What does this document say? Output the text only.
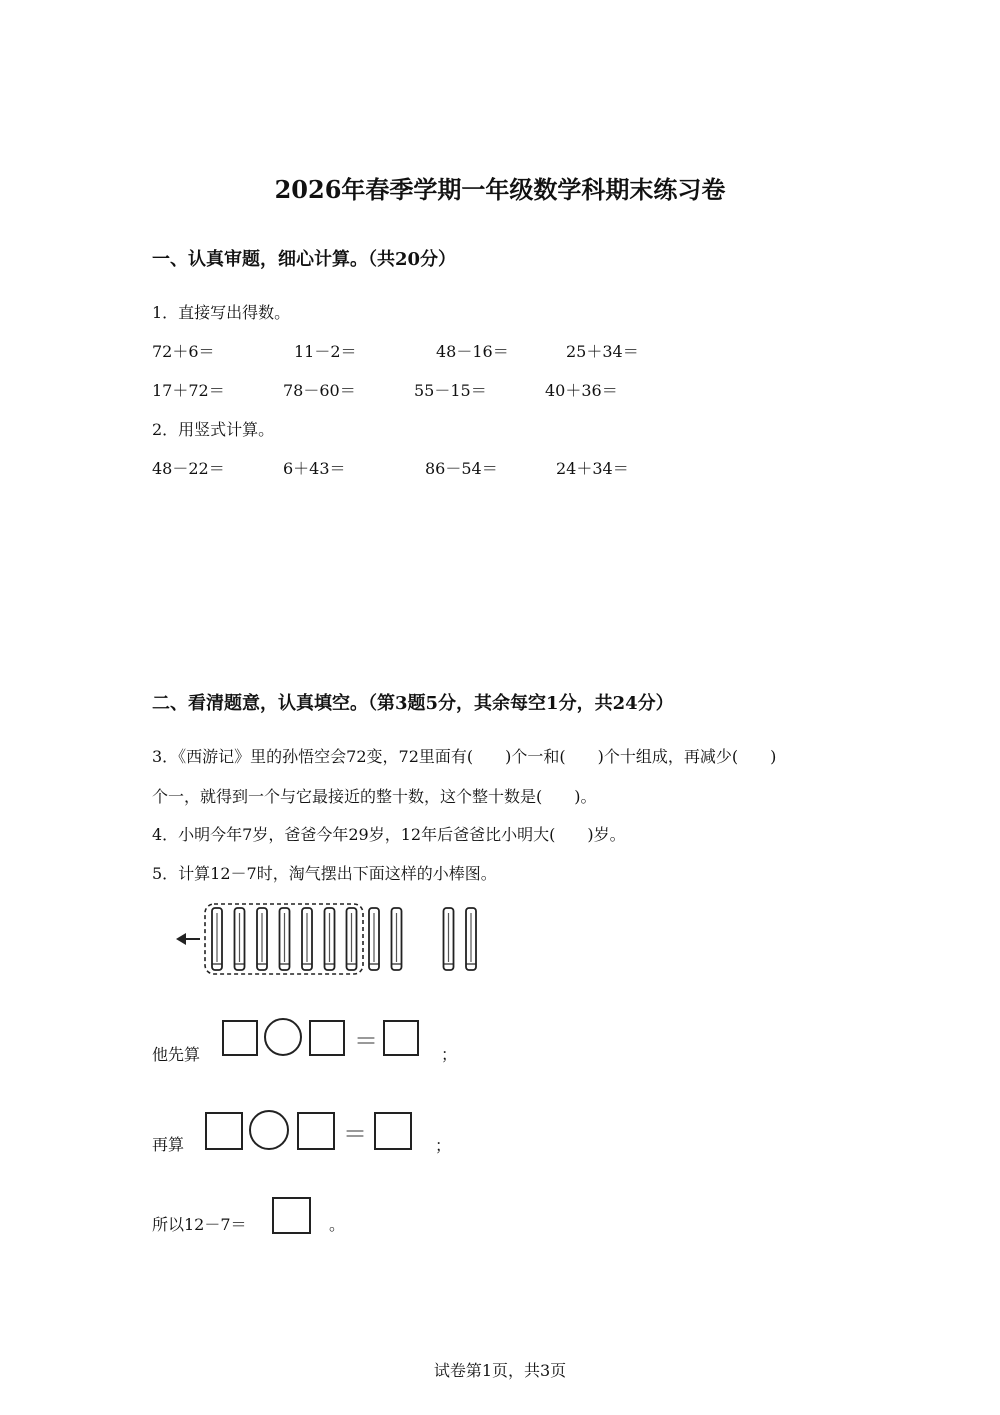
2026年春季学期一年级数学科期末练习卷
一、认真审题，细心计算。（共20分）
1．直接写出得数。
72＋6＝	11－2＝	48－16＝	25＋34＝
17＋72＝	78－60＝	55－15＝	40＋36＝
2．用竖式计算。
48－22＝	6＋43＝	86－54＝	24＋34＝
二、看清题意，认真填空。（第3题5分，其余每空1分，共24分）
3．《西游记》里的孙悟空会72变，72里面有(　　)个一和(　　)个十组成，再减少(　　)
个一，就得到一个与它最接近的整十数，这个整十数是(　　)。
4．小明今年7岁，爸爸今年29岁，12年后爸爸比小明大(　　)岁。
5．计算12－7时，淘气摆出下面这样的小棒图。
他先算	＝	；
再算	＝	；
所以12－7＝	。
试卷第1页，共3页
